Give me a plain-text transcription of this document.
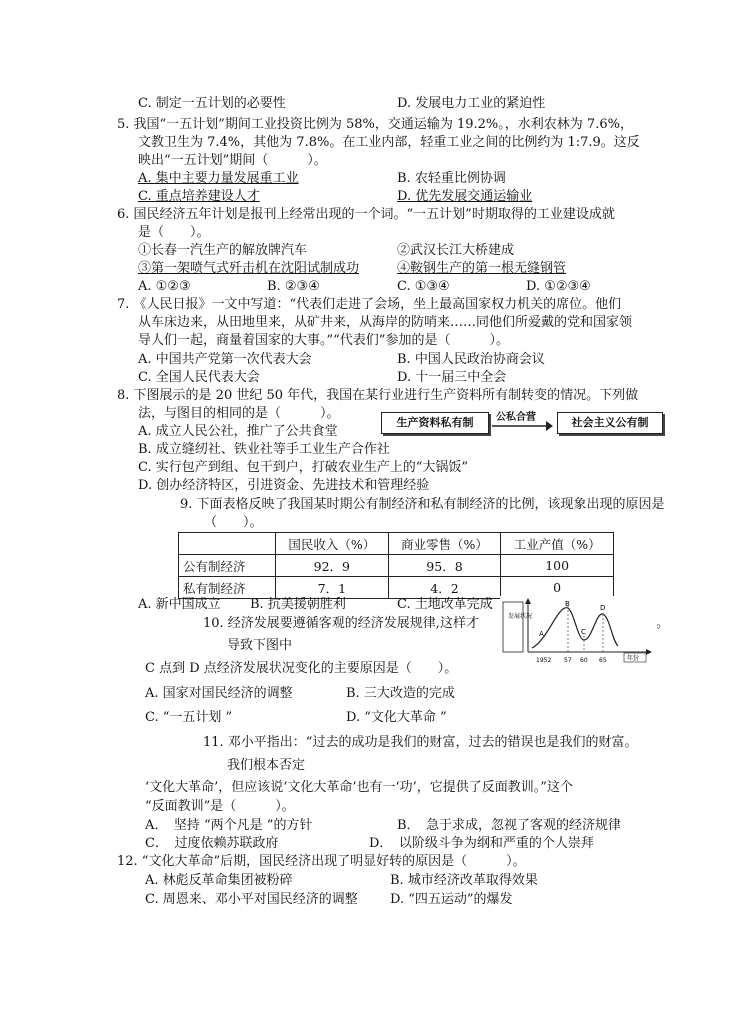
C. 制定一五计划的必要性	D. 发展电力工业的紧迫性
5. 我国“一五计划”期间工业投资比例为 58%，交通运输为 19.2%。，水利农林为 7.6%，
文教卫生为 7.4%，其他为 7.8%。在工业内部，轻重工业之间的比例约为 1:7.9。这反
映出“一五计划”期间（　　　）。
A. 集中主要力量发展重工业	B. 农轻重比例协调
C. 重点培养建设人才	D. 优先发展交通运输业
6. 国民经济五年计划是报刊上经常出现的一个词。“一五计划”时期取得的工业建设成就
是（　　）。
①长春一汽生产的解放牌汽车	②武汉长江大桥建成
③第一架喷气式歼击机在沈阳试制成功	④鞍钢生产的第一根无缝钢管
A. ①②③	B. ②③④	C. ①③④	D. ①②③④
7. 《人民日报》一文中写道：“代表们走进了会场，坐上最高国家权力机关的席位。他们
从车床边来，从田地里来，从矿井来，从海岸的防哨来……同他们所爱戴的党和国家领
导人们一起，商量着国家的大事。”“代表们”参加的是（　　　）。
A. 中国共产党第一次代表大会	B. 中国人民政治协商会议
C. 全国人民代表大会	D. 十一届三中全会
8. 下图展示的是 20 世纪 50 年代，我国在某行业进行生产资料所有制转变的情况。下列做
法，与图目的相同的是（　　　）。
生产资料私有制	公私合营	社会主义公有制
A. 成立人民公社，推广了公共食堂
B. 成立缝纫社、铁业社等手工业生产合作社
C. 实行包产到组、包干到户，打破农业生产上的“大锅饭”
D. 创办经济特区，引进资金、先进技术和管理经验
9. 下面表格反映了我国某时期公有制经济和私有制经济的比例，该现象出现的原因是
（　　）。
	国民收入（%）	商业零售（%）	工业产值（%）
公有制经济	92．9	95．8	100
私有制经济	7．1	4．2	0
A. 新中国成立 B. 抗美援朝胜利	C. 土地改革完成
10. 经济发展要遵循客观的经济发展规律,这样才	。
导致下图中
C 点到 D 点经济发展状况变化的主要原因是（　　）。
发展状况
A
B
C
D
1952 57 60 65	年份
A. 国家对国民经济的调整	B. 三大改造的完成
C. “一五计划 ”	D. “文化大革命 ”
11. 邓小平指出：“过去的成功是我们的财富，过去的错误也是我们的财富。
我们根本否定
‘文化大革命’，但应该说‘文化大革命’也有一‘功’，它提供了反面教训。”这个
“反面教训”是（　　　）。
A．　坚持 “两个凡是 ”的方针	B．　急于求成，忽视了客观的经济规律
C．　过度依赖苏联政府	D．　以阶级斗争为纲和严重的个人崇拜
12. “文化大革命”后期，国民经济出现了明显好转的原因是（　　　）。
A. 林彪反革命集团被粉碎	B. 城市经济改革取得效果
C. 周恩来、邓小平对国民经济的调整 D. “四五运动”的爆发
